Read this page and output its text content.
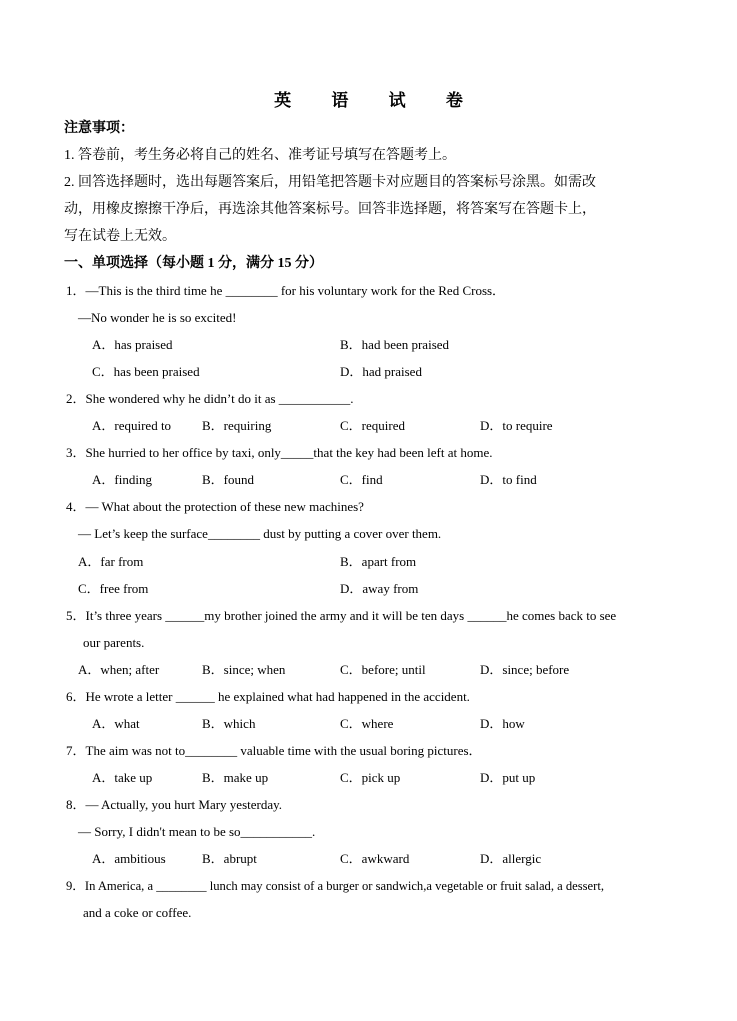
英 语 试 卷
注意事项：
1. 答卷前，考生务必将自己的姓名、准考证号填写在答题考上。
2. 回答选择题时，选出每题答案后，用铅笔把答题卡对应题目的答案标号涂黑。如需改
动，用橡皮擦擦干净后，再选涂其他答案标号。回答非选择题，将答案写在答题卡上，
写在试卷上无效。
一、单项选择（每小题 1 分，满分 15 分）
1．—This is the third time he ________ for his voluntary work for the Red Cross．
—No wonder he is so excited!
A．has praised	B．had been praised
C．has been praised	D．had praised
2．She wondered why he didn’t do it as ___________.
A．required to B．requiring	C．required	D．to require
3．She hurried to her office by taxi, only_____that the key had been left at home.
A．finding	B．found	C．find	D．to find
4．— What about the protection of these new machines?
— Let’s keep the surface________ dust by putting a cover over them.
A．far from	B．apart from
C．free from	D．away from
5．It’s three years ______my brother joined the army and it will be ten days ______he comes back to see
our parents.
A．when; after	B．since; when	C．before; until	D．since; before
6．He wrote a letter ______ he explained what had happened in the accident.
A．what	B．which	C．where	D．how
7．The aim was not to________ valuable time with the usual boring pictures．
A．take up	B．make up	C．pick up	D．put up
8．— Actually, you hurt Mary yesterday.
— Sorry, I didn't mean to be so___________.
A．ambitious	B．abrupt	C．awkward	D．allergic
9．In America, a ________ lunch may consist of a burger or sandwich,a vegetable or fruit salad, a dessert,
and a coke or coffee.
